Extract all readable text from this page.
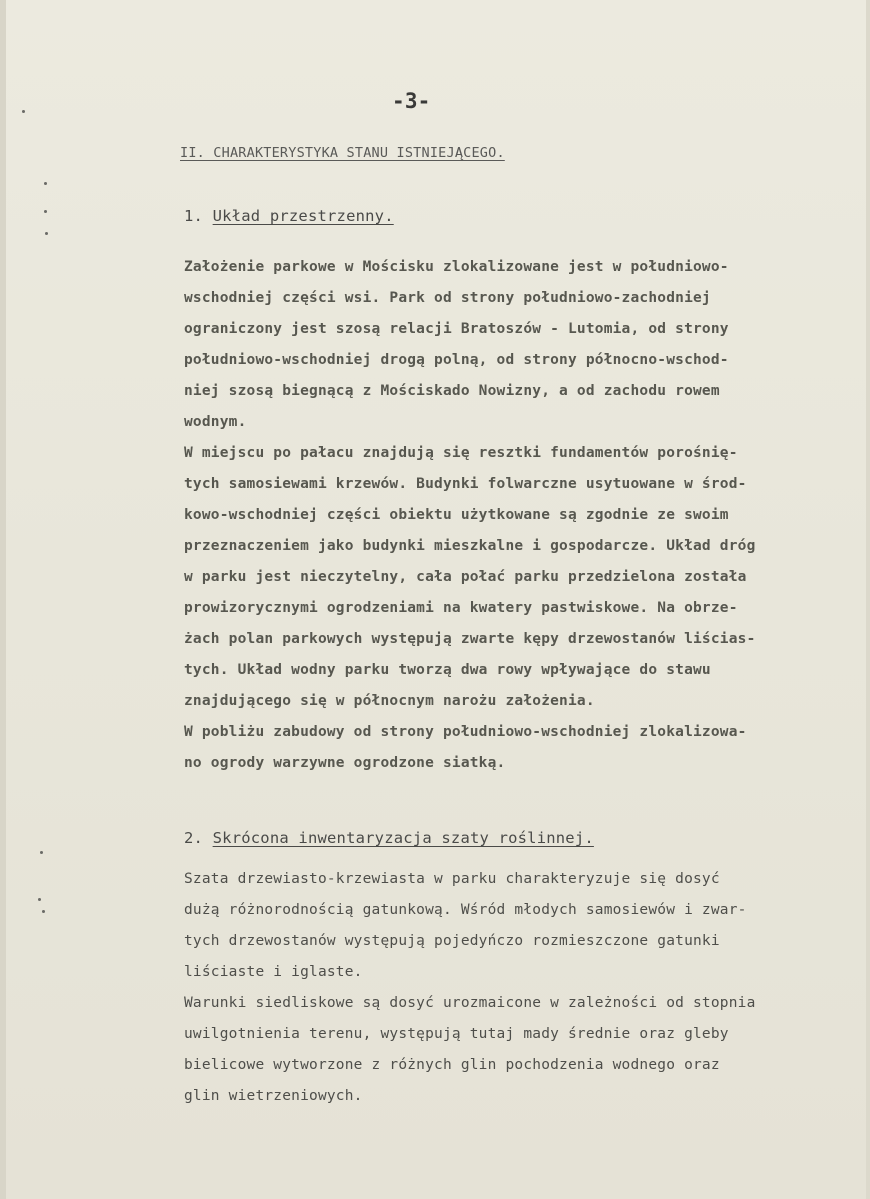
-3-
II. CHARAKTERYSTYKA STANU ISTNIEJĄCEGO.
1. Układ przestrzenny.
Założenie parkowe w Mościsku zlokalizowane jest w południowo-
wschodniej części wsi. Park od strony południowo-zachodniej
ograniczony jest szosą relacji Bratoszów - Lutomia, od strony
południowo-wschodniej drogą polną, od strony północno-wschod-
niej szosą biegnącą z Mościskado Nowizny, a od zachodu rowem
wodnym.
W miejscu po pałacu znajdują się resztki fundamentów porośnię-
tych samosiewami krzewów. Budynki folwarczne usytuowane w środ-
kowo-wschodniej części obiektu użytkowane są zgodnie ze swoim
przeznaczeniem jako budynki mieszkalne i gospodarcze. Układ dróg
w parku jest nieczytelny, cała połać parku przedzielona została
prowizorycznymi ogrodzeniami na kwatery pastwiskowe. Na obrze-
żach polan parkowych występują zwarte kępy drzewostanów liścias-
tych. Układ wodny parku tworzą dwa rowy wpływające do stawu
znajdującego się w północnym narożu założenia.
W pobliżu zabudowy od strony południowo-wschodniej zlokalizowa-
no ogrody warzywne ogrodzone siatką.
2. Skrócona inwentaryzacja szaty roślinnej.
Szata drzewiasto-krzewiasta w parku charakteryzuje się dosyć
dużą różnorodnością gatunkową. Wśród młodych samosiewów i zwar-
tych drzewostanów występują pojedyńczo rozmieszczone gatunki
liściaste i iglaste.
Warunki siedliskowe są dosyć urozmaicone w zależności od stopnia
uwilgotnienia terenu, występują tutaj mady średnie oraz gleby
bielicowe wytworzone z różnych glin pochodzenia wodnego oraz
glin wietrzeniowych.
